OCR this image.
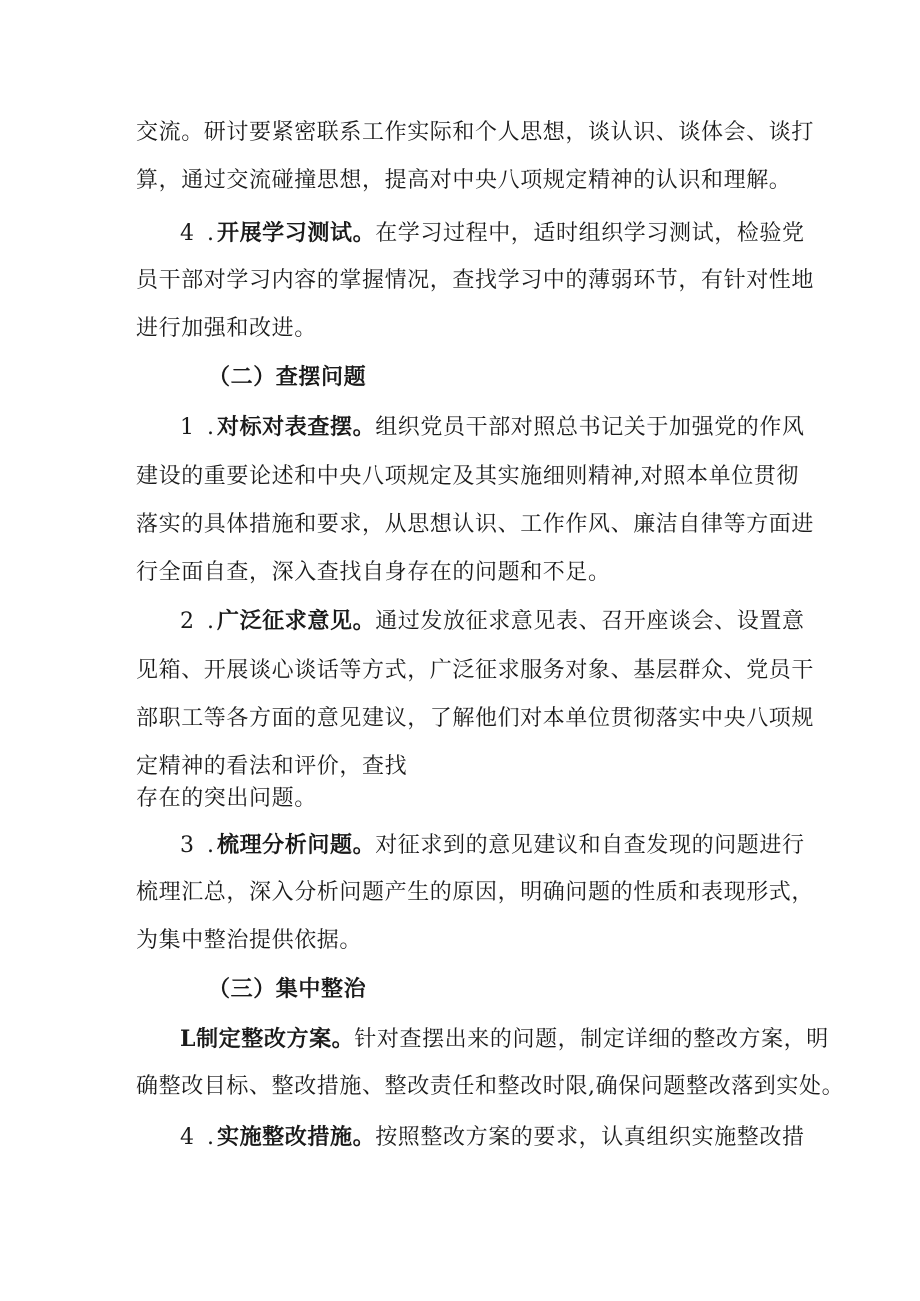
交流。研讨要紧密联系工作实际和个人思想，谈认识、谈体会、谈打
算，通过交流碰撞思想，提高对中央八项规定精神的认识和理解。
4 .开展学习测试。在学习过程中，适时组织学习测试，检验党
员干部对学习内容的掌握情况，查找学习中的薄弱环节，有针对性地
进行加强和改进。
（二）查摆问题
1 .对标对表查摆。组织党员干部对照总书记关于加强党的作风
建设的重要论述和中央八项规定及其实施细则精神,对照本单位贯彻
落实的具体措施和要求，从思想认识、工作作风、廉洁自律等方面进
行全面自查，深入查找自身存在的问题和不足。
2 .广泛征求意见。通过发放征求意见表、召开座谈会、设置意
见箱、开展谈心谈话等方式，广泛征求服务对象、基层群众、党员干
部职工等各方面的意见建议，了解他们对本单位贯彻落实中央八项规
定精神的看法和评价，查找
存在的突出问题。
3 .梳理分析问题。对征求到的意见建议和自查发现的问题进行
梳理汇总，深入分析问题产生的原因，明确问题的性质和表现形式，
为集中整治提供依据。
（三）集中整治
L制定整改方案。针对查摆出来的问题，制定详细的整改方案，明
确整改目标、整改措施、整改责任和整改时限,确保问题整改落到实处。
4 .实施整改措施。按照整改方案的要求，认真组织实施整改措
